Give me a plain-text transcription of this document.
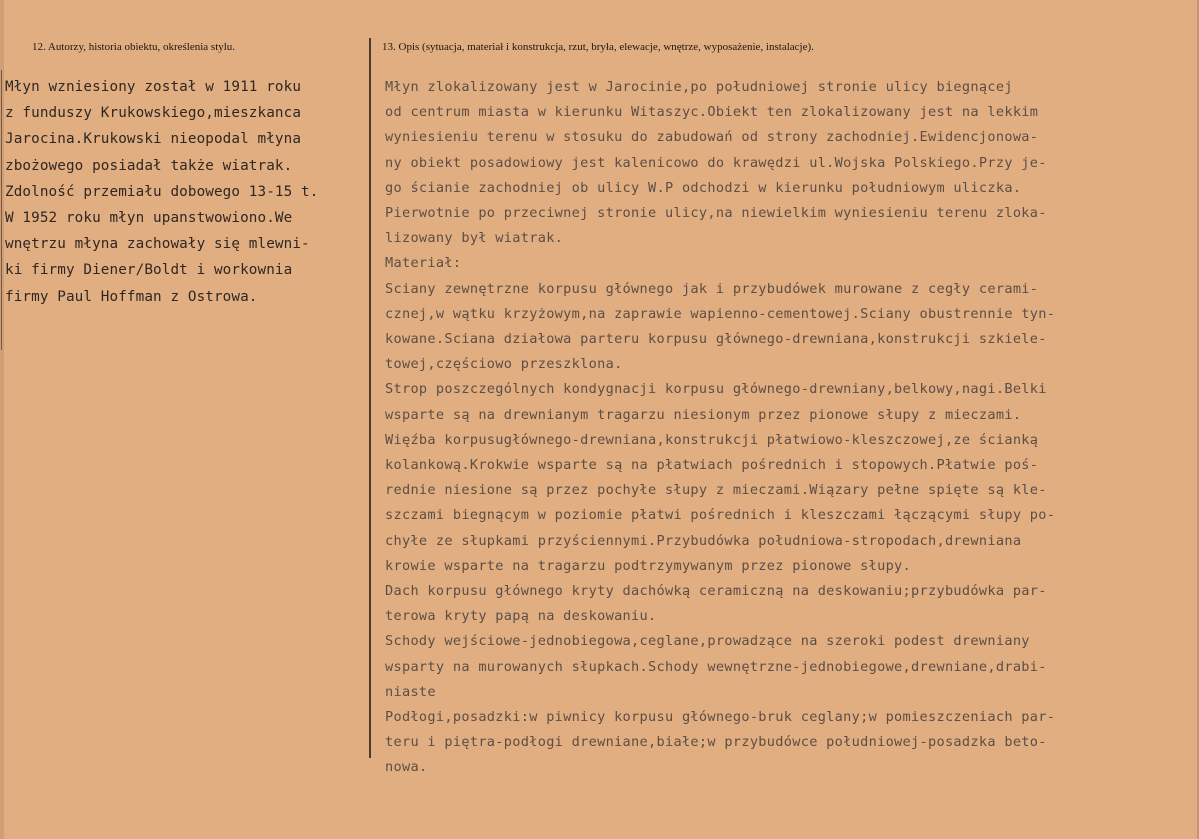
12. Autorzy, historia obiektu, określenia stylu.	13. Opis (sytuacja, materiał i konstrukcja, rzut, bryła, elewacje, wnętrze, wyposażenie, instalacje).
Młyn wzniesiony został w 1911 roku
z funduszy Krukowskiego,mieszkanca
Jarocina.Krukowski nieopodal młyna
zbożowego posiadał także wiatrak.
Zdolność przemiału dobowego 13-15 t.
W 1952 roku młyn upanstwowiono.We
wnętrzu młyna zachowały się mlewni-
ki firmy Diener/Boldt i workownia
firmy Paul Hoffman z Ostrowa.
Młyn zlokalizowany jest w Jarocinie,po południowej stronie ulicy biegnącej
od centrum miasta w kierunku Witaszyc.Obiekt ten zlokalizowany jest na lekkim
wyniesieniu terenu w stosuku do zabudowań od strony zachodniej.Ewidencjonowa-
ny obiekt posadowiowy jest kalenicowo do krawędzi ul.Wojska Polskiego.Przy je-
go ścianie zachodniej ob ulicy W.P odchodzi w kierunku południowym uliczka.
Pierwotnie po przeciwnej stronie ulicy,na niewielkim wyniesieniu terenu zloka-
lizowany był wiatrak.
Materiał:
Sciany zewnętrzne korpusu głównego jak i przybudówek murowane z cegły cerami-
cznej,w wątku krzyżowym,na zaprawie wapienno-cementowej.Sciany obustrennie tyn-
kowane.Sciana działowa parteru korpusu głównego-drewniana,konstrukcji szkiele-
towej,częściowo przeszklona.
Strop poszczególnych kondygnacji korpusu głównego-drewniany,belkowy,nagi.Belki
wsparte są na drewnianym tragarzu niesionym przez pionowe słupy z mieczami.
Więźba korpusugłównego-drewniana,konstrukcji płatwiowo-kleszczowej,ze ścianką
kolankową.Krokwie wsparte są na płatwiach pośrednich i stopowych.Płatwie poś-
rednie niesione są przez pochyłe słupy z mieczami.Wiązary pełne spięte są kle-
szczami biegnącym w poziomie płatwi pośrednich i kleszczami łączącymi słupy po-
chyłe ze słupkami przyściennymi.Przybudówka południowa-stropodach,drewniana
krowie wsparte na tragarzu podtrzymywanym przez pionowe słupy.
Dach korpusu głównego kryty dachówką ceramiczną na deskowaniu;przybudówka par-
terowa kryty papą na deskowaniu.
Schody wejściowe-jednobiegowa,ceglane,prowadzące na szeroki podest drewniany
wsparty na murowanych słupkach.Schody wewnętrzne-jednobiegowe,drewniane,drabi-
niaste
Podłogi,posadzki:w piwnicy korpusu głównego-bruk ceglany;w pomieszczeniach par-
teru i piętra-podłogi drewniane,białe;w przybudówce południowej-posadzka beto-
nowa.
